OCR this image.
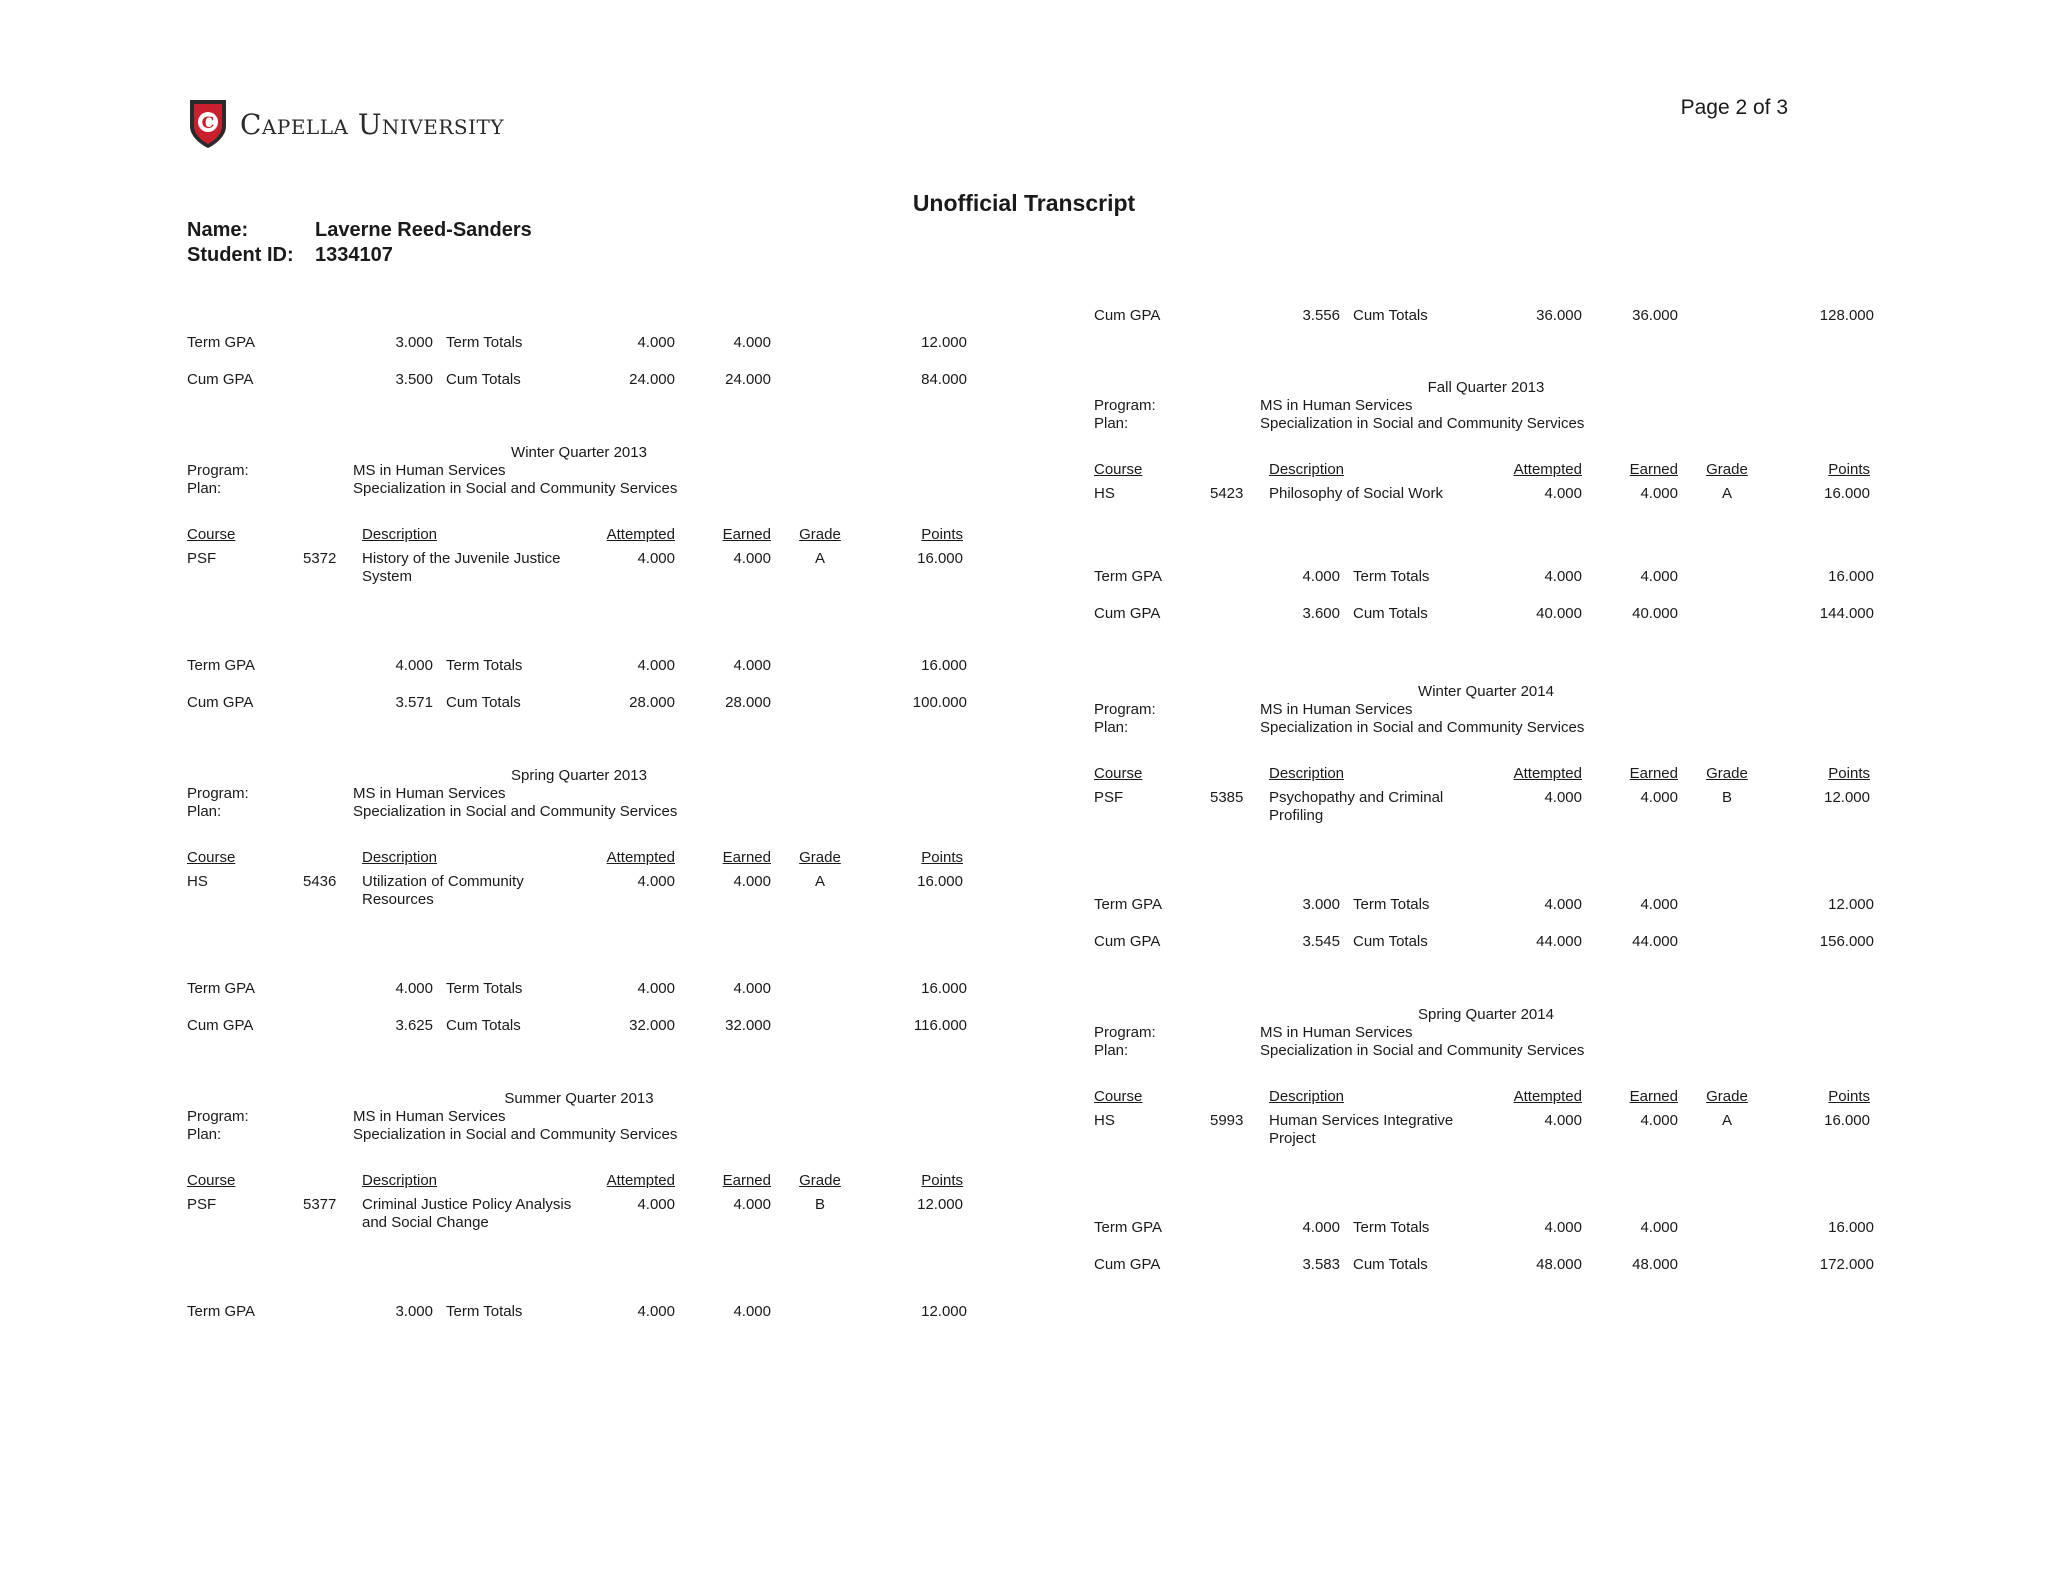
C Capella University	Page 2 of 3
Unofficial Transcript
Name:	Laverne Reed-Sanders
Student ID: 1334107
Term GPA	3.000 Term Totals	4.000	4.000	12.000
Cum GPA	3.500 Cum Totals	24.000	24.000	84.000
Winter Quarter 2013
Program:	MS in Human Services
Plan:	Specialization in Social and Community Services
Course	Description	Attempted	Earned Grade	Points
PSF	5372 History of the Juvenile Justice
System
4.000	4.000	A	16.000
Term GPA	4.000 Term Totals	4.000	4.000	16.000
Cum GPA	3.571 Cum Totals	28.000	28.000	100.000
Spring Quarter 2013
Program:	MS in Human Services
Plan:	Specialization in Social and Community Services
Course	Description	Attempted	Earned Grade	Points
HS	5436 Utilization of Community
Resources
4.000	4.000	A	16.000
Term GPA	4.000 Term Totals	4.000	4.000	16.000
Cum GPA	3.625 Cum Totals	32.000	32.000	116.000
Summer Quarter 2013
Program:	MS in Human Services
Plan:	Specialization in Social and Community Services
Course	Description	Attempted	Earned Grade	Points
PSF	5377 Criminal Justice Policy Analysis
and Social Change
4.000	4.000	B	12.000
Term GPA	3.000 Term Totals	4.000	4.000	12.000
Cum GPA	3.556 Cum Totals	36.000	36.000	128.000
Fall Quarter 2013
Program:	MS in Human Services
Plan:	Specialization in Social and Community Services
Course	Description	Attempted	Earned Grade	Points
HS	5423 Philosophy of Social Work	4.000	4.000	A	16.000
Term GPA	4.000 Term Totals	4.000	4.000	16.000
Cum GPA	3.600 Cum Totals	40.000	40.000	144.000
Winter Quarter 2014
Program:	MS in Human Services
Plan:	Specialization in Social and Community Services
Course	Description	Attempted	Earned Grade	Points
PSF	5385 Psychopathy and Criminal
Profiling
4.000	4.000	B	12.000
Term GPA	3.000 Term Totals	4.000	4.000	12.000
Cum GPA	3.545 Cum Totals	44.000	44.000	156.000
Spring Quarter 2014
Program:	MS in Human Services
Plan:	Specialization in Social and Community Services
Course	Description	Attempted	Earned Grade	Points
HS	5993 Human Services Integrative
Project
4.000	4.000	A	16.000
Term GPA	4.000 Term Totals	4.000	4.000	16.000
Cum GPA	3.583 Cum Totals	48.000	48.000	172.000
